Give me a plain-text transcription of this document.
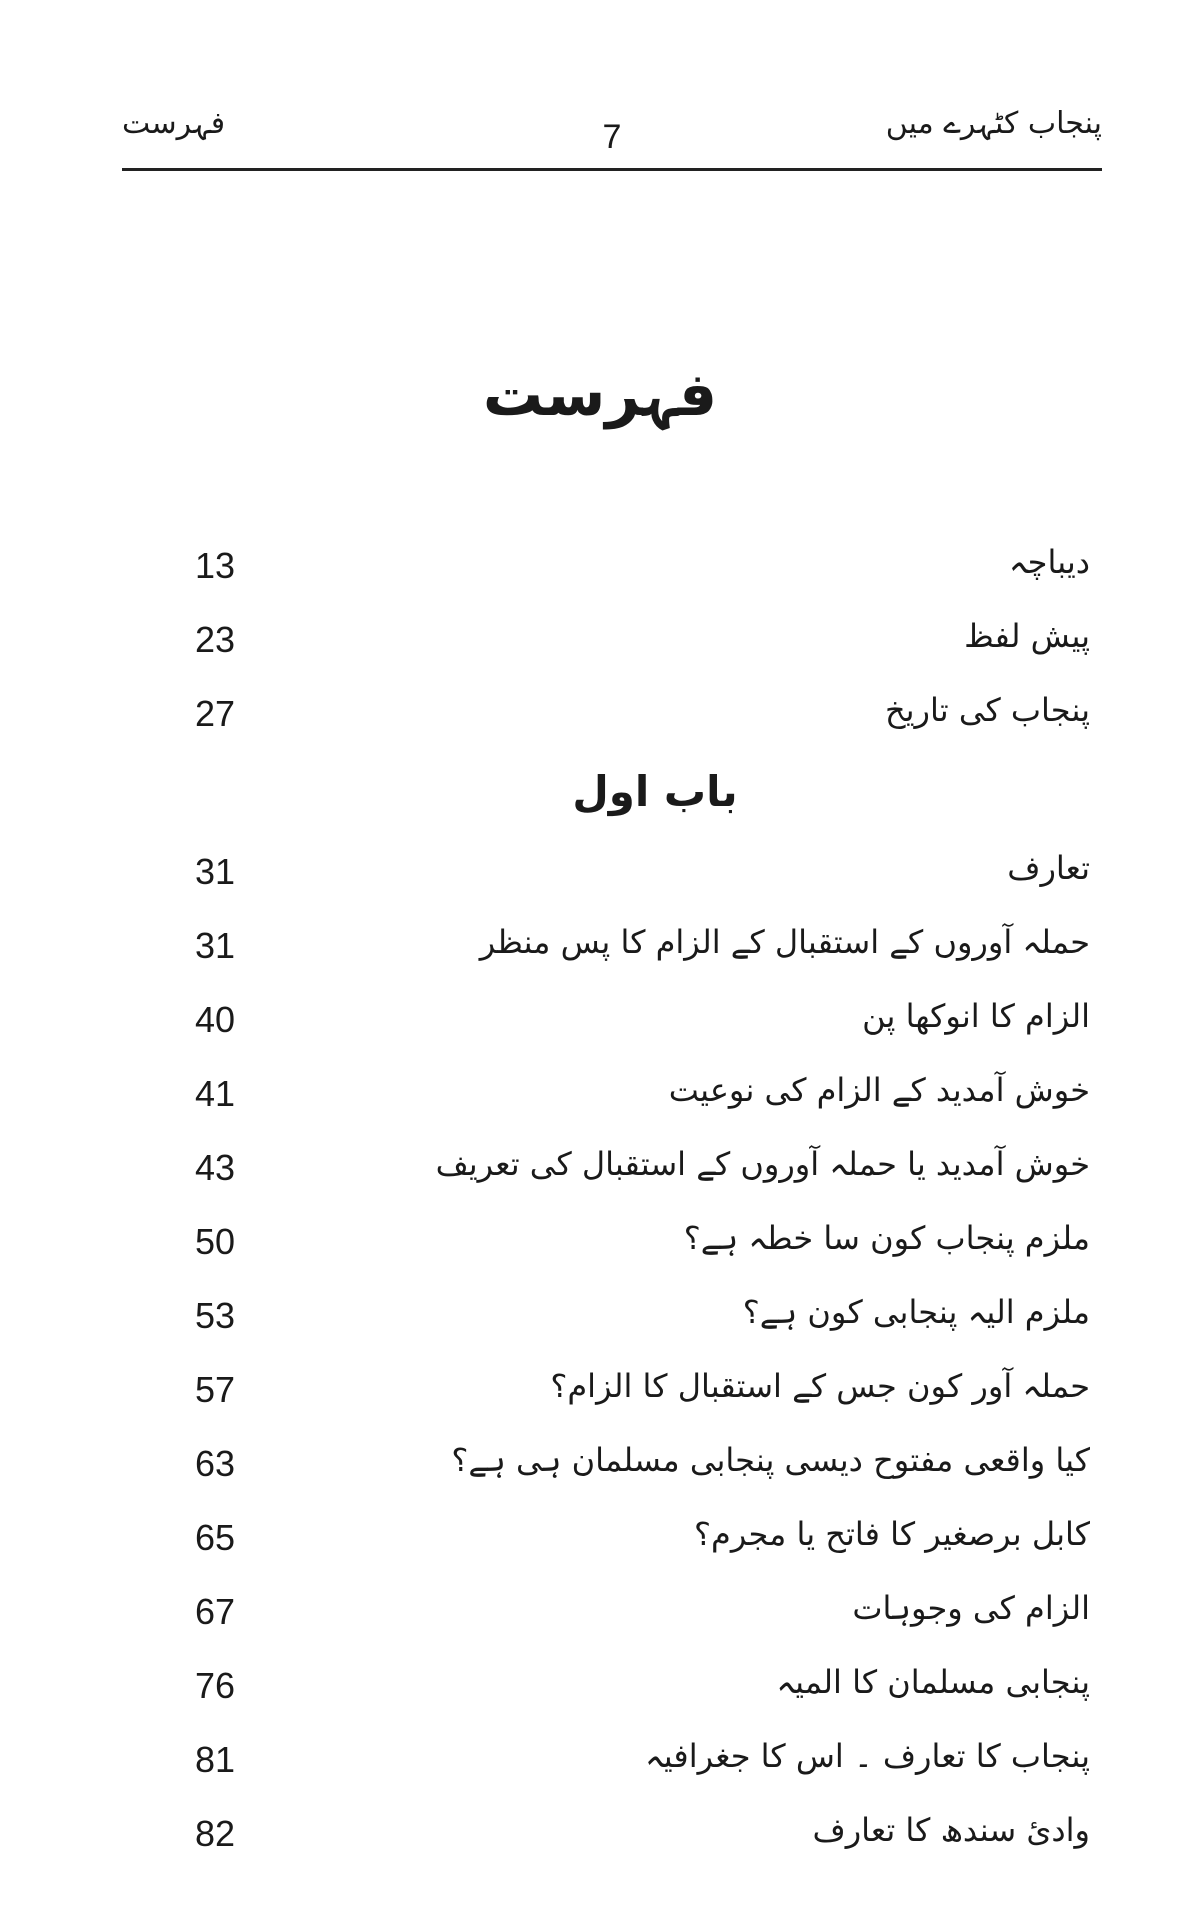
پنجاب کٹہرے میں
7
فہرست
فہرست
دیباچہ
13
پیش لفظ
23
پنجاب کی تاریخ
27
باب اول
تعارف
31
حملہ آوروں کے استقبال کے الزام کا پس منظر
31
الزام کا انوکھا پن
40
خوش آمدید کے الزام کی نوعیت
41
خوش آمدید یا حملہ آوروں کے استقبال کی تعریف
43
ملزم پنجاب کون سا خطہ ہے؟
50
ملزم الیہ پنجابی کون ہے؟
53
حملہ آور کون جس کے استقبال کا الزام؟
57
کیا واقعی مفتوح دیسی پنجابی مسلمان ہی ہے؟
63
کابل برصغیر کا فاتح یا مجرم؟
65
الزام کی وجوہات
67
پنجابی مسلمان کا المیہ
76
پنجاب کا تعارف ۔ اس کا جغرافیہ
81
وادیٔ سندھ کا تعارف
82
